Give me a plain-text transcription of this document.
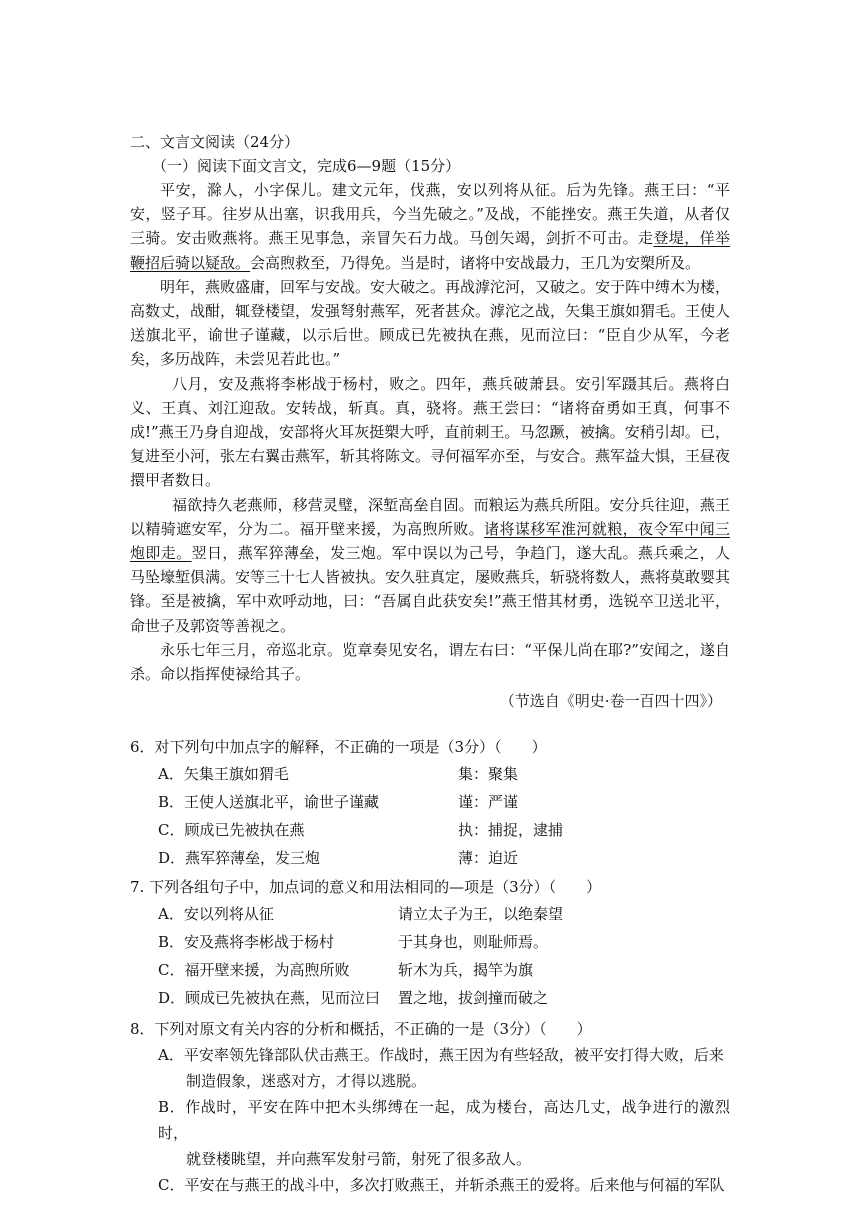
二、文言文阅读（24分）
（一）阅读下面文言文，完成6—9题（15分）

平安，滁人，小字保儿。建文元年，伐燕，安以列将从征。后为先锋。燕王曰：“平安，竖子耳。往岁从出塞，识我用兵，今当先破之。”及战，不能挫安。燕王失道，从者仅三骑。安击败燕将。燕王见事急，亲冒矢石力战。马创矢竭，剑折不可击。走登堤，佯举鞭招后骑以疑敌。会高煦救至，乃得免。当是时，诸将中安战最力，王几为安槊所及。

明年，燕败盛庸，回军与安战。安大破之。再战滹沱河，又破之。安于阵中缚木为楼，高数丈，战酣，辄登楼望，发强弩射燕军，死者甚众。滹沱之战，矢集王旗如猬毛。王使人送旗北平，谕世子谨藏，以示后世。顾成已先被执在燕，见而泣曰：“臣自少从军，今老矣，多历战阵，未尝见若此也。”

八月，安及燕将李彬战于杨村，败之。四年，燕兵破萧县。安引军蹑其后。燕将白义、王真、刘江迎敌。安转战，斩真。真，骁将。燕王尝曰：“诸将奋勇如王真，何事不成!”燕王乃身自迎战，安部将火耳灰挺槊大呼，直前刺王。马忽蹶，被擒。安稍引却。已，复进至小河，张左右翼击燕军，斩其将陈文。寻何福军亦至，与安合。燕军益大惧，王昼夜擐甲者数日。

福欲持久老燕师，移营灵璧，深堑高垒自固。而粮运为燕兵所阻。安分兵往迎，燕王以精骑遮安军，分为二。福开壁来援，为高煦所败。诸将谋移军淮河就粮，夜令军中闻三炮即走。翌日，燕军猝薄垒，发三炮。军中误以为己号，争趋门，遂大乱。燕兵乘之，人马坠壕堑俱满。安等三十七人皆被执。安久驻真定，屡败燕兵，斩骁将数人，燕将莫敢婴其锋。至是被擒，军中欢呼动地，曰：“吾属自此获安矣!”燕王惜其材勇，选锐卒卫送北平，命世子及郭资等善视之。

永乐七年三月，帝巡北京。览章奏见安名，谓左右曰：“平保儿尚在耶?”安闻之，遂自杀。命以指挥使禄给其子。

（节选自《明史·卷一百四十四》）
6．对下列句中加点字的解释，不正确的一项是（3分）（　　）
A．矢集王旗如猬毛	集：聚集
B．王使人送旗北平，谕世子谨藏	谨：严谨
C．顾成已先被执在燕	执：捕捉，逮捕
D．燕军猝薄垒，发三炮	薄：迫近
7. 下列各组句子中，加点词的意义和用法相同的—项是（3分）（　　）
A．安以列将从征	请立太子为王，以绝秦望
B．安及燕将李彬战于杨村	于其身也，则耻师焉。
C．福开壁来援，为高煦所败	斩木为兵，揭竿为旗
D．顾成已先被执在燕，见而泣曰	置之地，拔剑撞而破之
8．下列对原文有关内容的分析和概括，不正确的一是（3分）（　　）
A．平安率领先锋部队伏击燕王。作战时，燕王因为有些轻敌，被平安打得大败，后来
制造假象，迷惑对方，才得以逃脱。
B．作战时，平安在阵中把木头绑缚在一起，成为楼台，高达几丈，战争进行的激烈时，
就登楼眺望，并向燕军发射弓箭，射死了很多敌人。
C．平安在与燕王的战斗中，多次打败燕王，并斩杀燕王的爱将。后来他与何福的军队
